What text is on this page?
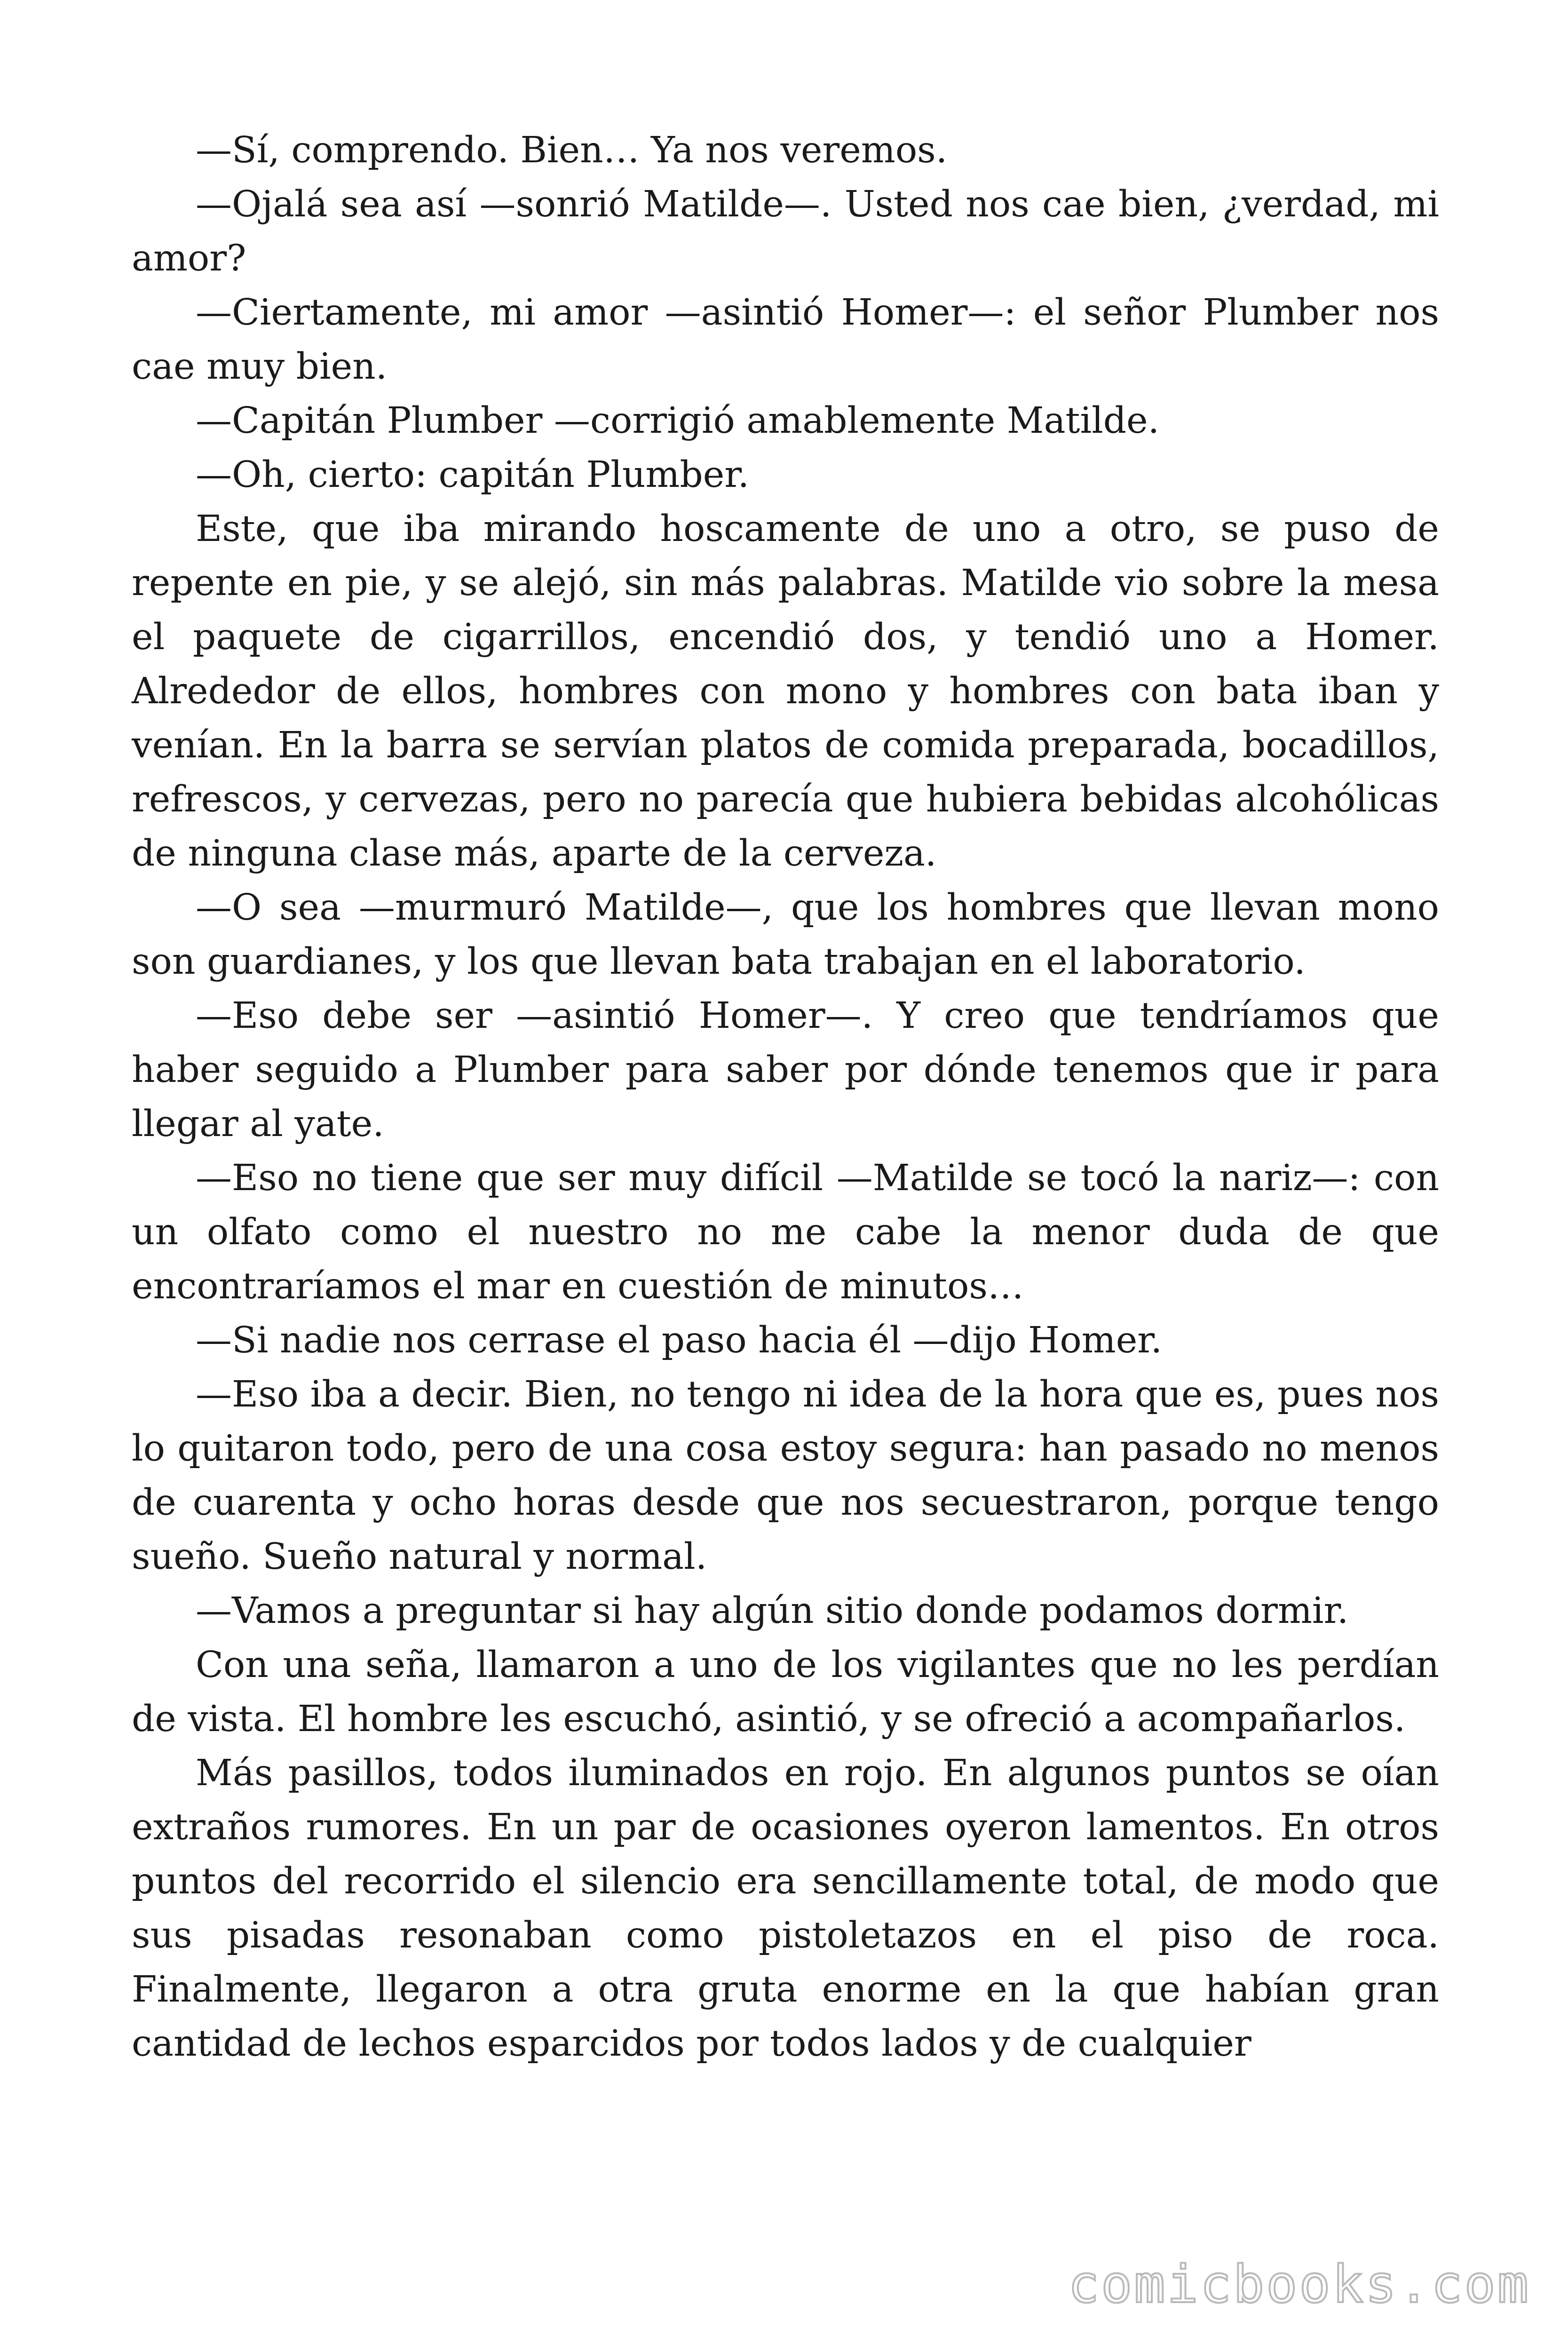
—Sí, comprendo. Bien… Ya nos veremos.

—Ojalá sea así —sonrió Matilde—. Usted nos cae bien, ¿verdad, mi amor?

—Ciertamente, mi amor —asintió Homer—: el señor Plumber nos cae muy bien.

—Capitán Plumber —corrigió amablemente Matilde.

—Oh, cierto: capitán Plumber.

Este, que iba mirando hoscamente de uno a otro, se puso de repente en pie, y se alejó, sin más palabras. Matilde vio sobre la mesa el paquete de cigarrillos, encendió dos, y tendió uno a Homer. Alrededor de ellos, hombres con mono y hombres con bata iban y venían. En la barra se servían platos de comida preparada, bocadillos, refrescos, y cervezas, pero no parecía que hubiera bebidas alcohólicas de ninguna clase más, aparte de la cerveza.

—O sea —murmuró Matilde—, que los hombres que llevan mono son guardianes, y los que llevan bata trabajan en el laboratorio.

—Eso debe ser —asintió Homer—. Y creo que tendríamos que haber seguido a Plumber para saber por dónde tenemos que ir para llegar al yate.

—Eso no tiene que ser muy difícil —Matilde se tocó la nariz—: con un olfato como el nuestro no me cabe la menor duda de que encontraríamos el mar en cuestión de minutos…

—Si nadie nos cerrase el paso hacia él —dijo Homer.

—Eso iba a decir. Bien, no tengo ni idea de la hora que es, pues nos lo quitaron todo, pero de una cosa estoy segura: han pasado no menos de cuarenta y ocho horas desde que nos secuestraron, porque tengo sueño. Sueño natural y normal.

—Vamos a preguntar si hay algún sitio donde podamos dormir.

Con una seña, llamaron a uno de los vigilantes que no les perdían de vista. El hombre les escuchó, asintió, y se ofreció a acompañarlos.

Más pasillos, todos iluminados en rojo. En algunos puntos se oían extraños rumores. En un par de ocasiones oyeron lamentos. En otros puntos del recorrido el silencio era sencillamente total, de modo que sus pisadas resonaban como pistoletazos en el piso de roca. Finalmente, llegaron a otra gruta enorme en la que habían gran cantidad de lechos esparcidos por todos lados y de cualquier

comicbooks.com
